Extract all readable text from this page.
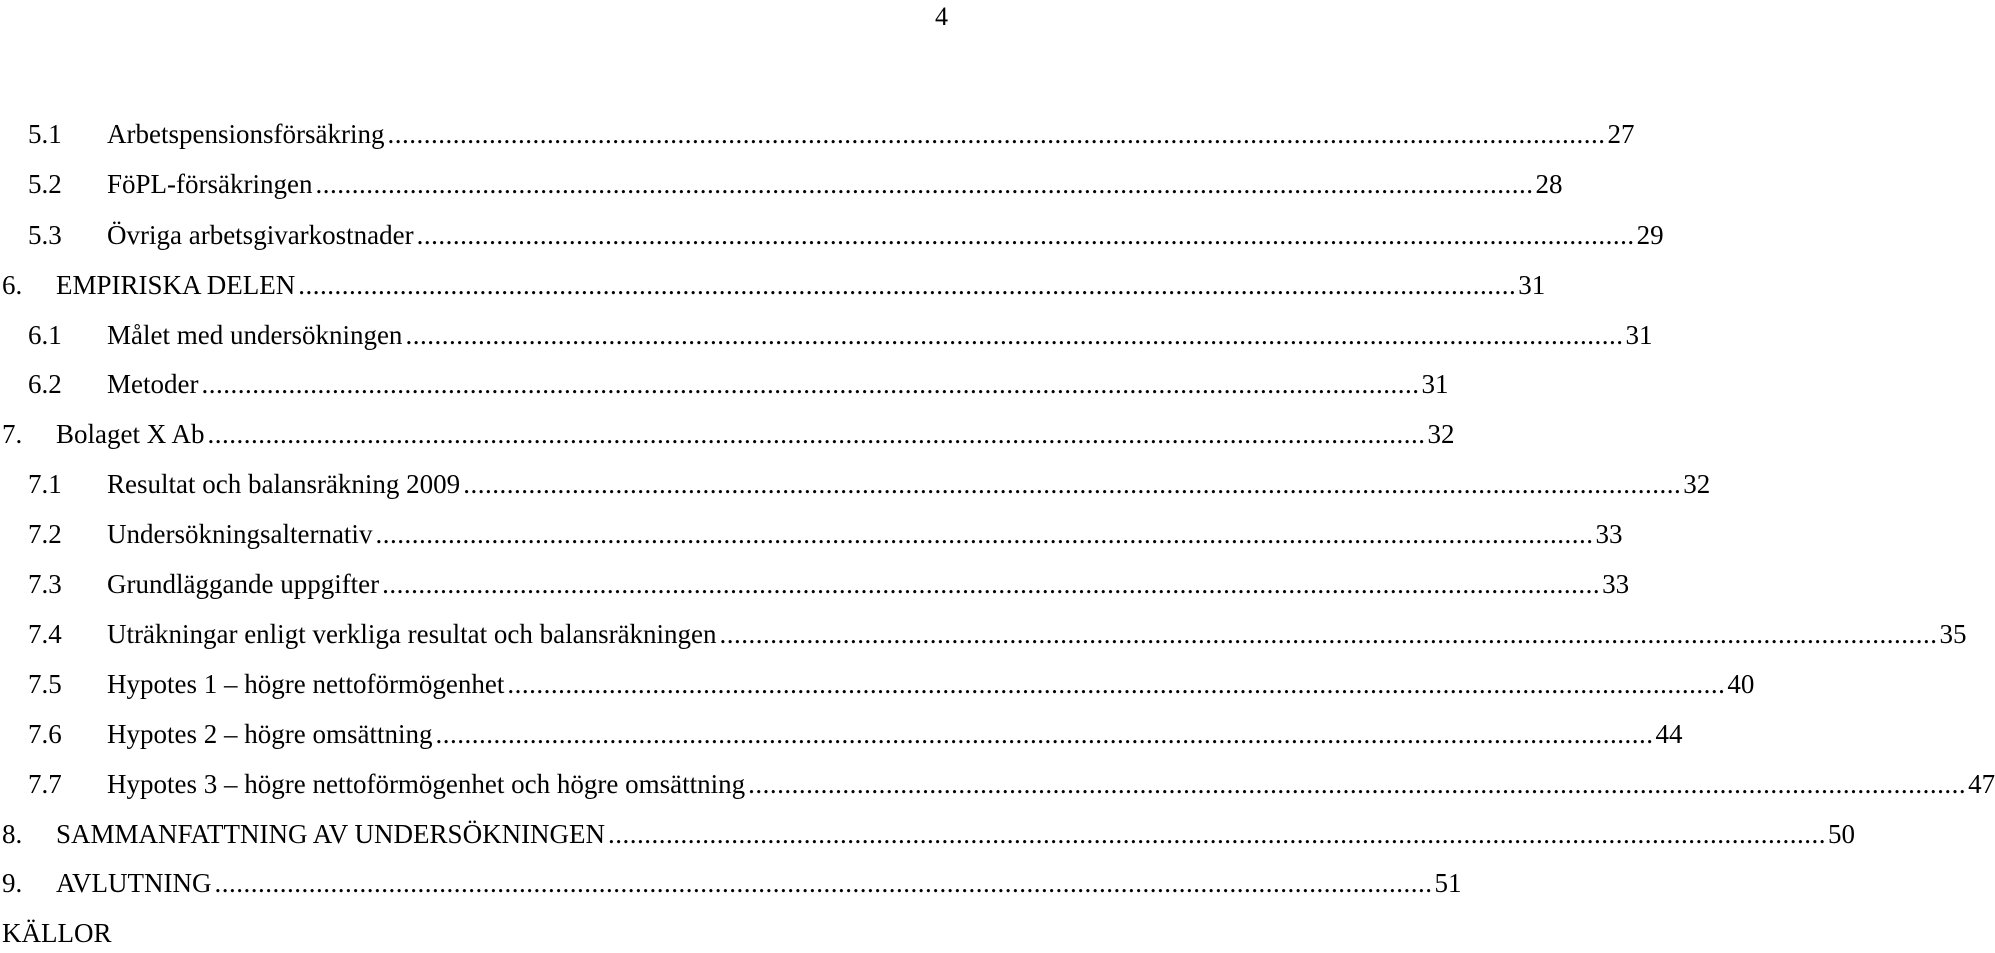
4
5.1 Arbetspensionsförsäkring ........................................................................................................................................................................ 27
5.2 FöPL-försäkringen ........................................................................................................................................................................ 28
5.3 Övriga arbetsgivarkostnader ........................................................................................................................................................................ 29
6. EMPIRISKA DELEN ........................................................................................................................................................................ 31
6.1 Målet med undersökningen ........................................................................................................................................................................ 31
6.2 Metoder ........................................................................................................................................................................ 31
7. Bolaget X Ab ........................................................................................................................................................................ 32
7.1 Resultat och balansräkning 2009 ........................................................................................................................................................................ 32
7.2 Undersökningsalternativ ........................................................................................................................................................................ 33
7.3 Grundläggande uppgifter ........................................................................................................................................................................ 33
7.4 Uträkningar enligt verkliga resultat och balansräkningen ........................................................................................................................................................................ 35
7.5 Hypotes 1 – högre nettoförmögenhet ........................................................................................................................................................................ 40
7.6 Hypotes 2 – högre omsättning ........................................................................................................................................................................ 44
7.7 Hypotes 3 – högre nettoförmögenhet och högre omsättning ........................................................................................................................................................................ 47
8. SAMMANFATTNING AV UNDERSÖKNINGEN ........................................................................................................................................................................ 50
9. AVLUTNING ........................................................................................................................................................................ 51
KÄLLOR
